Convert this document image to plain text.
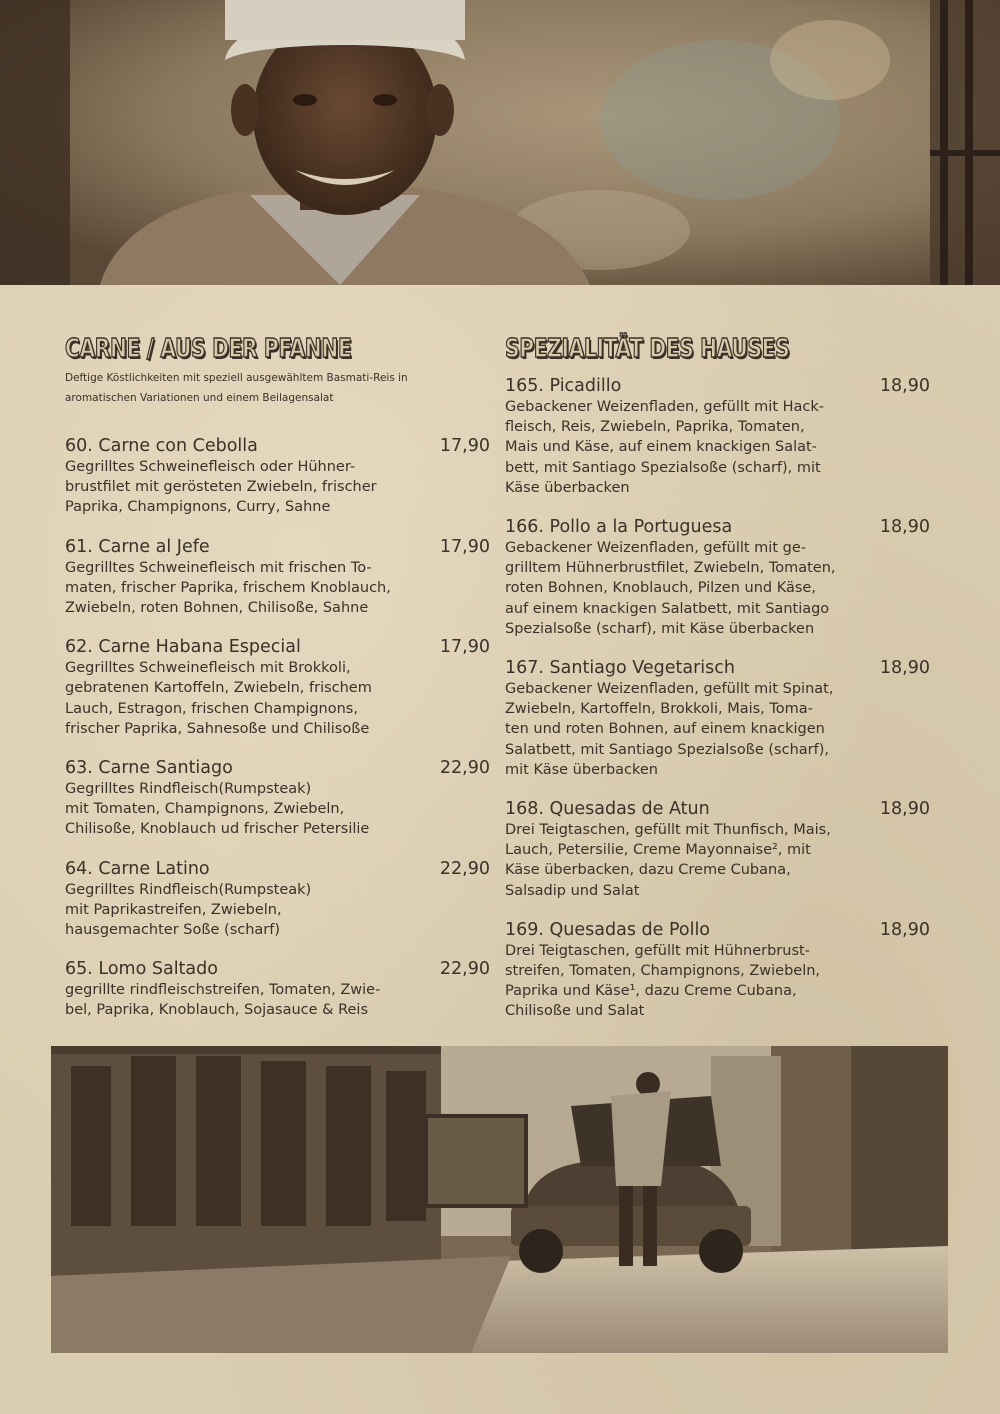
CARNE / AUS DER PFANNE
Deftige Köstlichkeiten mit speziell ausgewähltem Basmati-Reis in aromatischen Variationen und einem Beilagensalat
60. Carne con Cebolla	17,90
Gegrilltes Schweinefleisch oder Hühner-
brustfilet mit gerösteten Zwiebeln, frischer
Paprika, Champignons, Curry, Sahne
61. Carne al Jefe	17,90
Gegrilltes Schweinefleisch mit frischen To-
maten, frischer Paprika, frischem Knoblauch,
Zwiebeln, roten Bohnen, Chilisoße, Sahne
62. Carne Habana Especial	17,90
Gegrilltes Schweinefleisch mit Brokkoli,
gebratenen Kartoffeln, Zwiebeln, frischem
Lauch, Estragon, frischen Champignons,
frischer Paprika, Sahnesoße und Chilisoße
63. Carne Santiago	22,90
Gegrilltes Rindfleisch(Rumpsteak)
mit Tomaten, Champignons, Zwiebeln,
Chilisoße, Knoblauch ud frischer Petersilie
64. Carne Latino	22,90
Gegrilltes Rindfleisch(Rumpsteak)
mit Paprikastreifen, Zwiebeln,
hausgemachter Soße (scharf)
65. Lomo Saltado	22,90
gegrillte rindfleischstreifen, Tomaten, Zwie-
bel, Paprika, Knoblauch, Sojasauce & Reis
SPEZIALITÄT DES HAUSES
165. Picadillo	18,90
Gebackener Weizenfladen, gefüllt mit Hack-
fleisch, Reis, Zwiebeln, Paprika, Tomaten,
Mais und Käse, auf einem knackigen Salat-
bett, mit Santiago Spezialsoße (scharf), mit
Käse überbacken
166. Pollo a la Portuguesa	18,90
Gebackener Weizenfladen, gefüllt mit ge-
grilltem Hühnerbrustfilet, Zwiebeln, Tomaten,
roten Bohnen, Knoblauch, Pilzen und Käse,
auf einem knackigen Salatbett, mit Santiago
Spezialsoße (scharf), mit Käse überbacken
167. Santiago Vegetarisch	18,90
Gebackener Weizenfladen, gefüllt mit Spinat,
Zwiebeln, Kartoffeln, Brokkoli, Mais, Toma-
ten und roten Bohnen, auf einem knackigen
Salatbett, mit Santiago Spezialsoße (scharf),
mit Käse überbacken
168. Quesadas de Atun	18,90
Drei Teigtaschen, gefüllt mit Thunfisch, Mais,
Lauch, Petersilie, Creme Mayonnaise², mit
Käse überbacken, dazu Creme Cubana,
Salsadip und Salat
169. Quesadas de Pollo	18,90
Drei Teigtaschen, gefüllt mit Hühnerbrust-
streifen, Tomaten, Champignons, Zwiebeln,
Paprika und Käse¹, dazu Creme Cubana,
Chilisoße und Salat
